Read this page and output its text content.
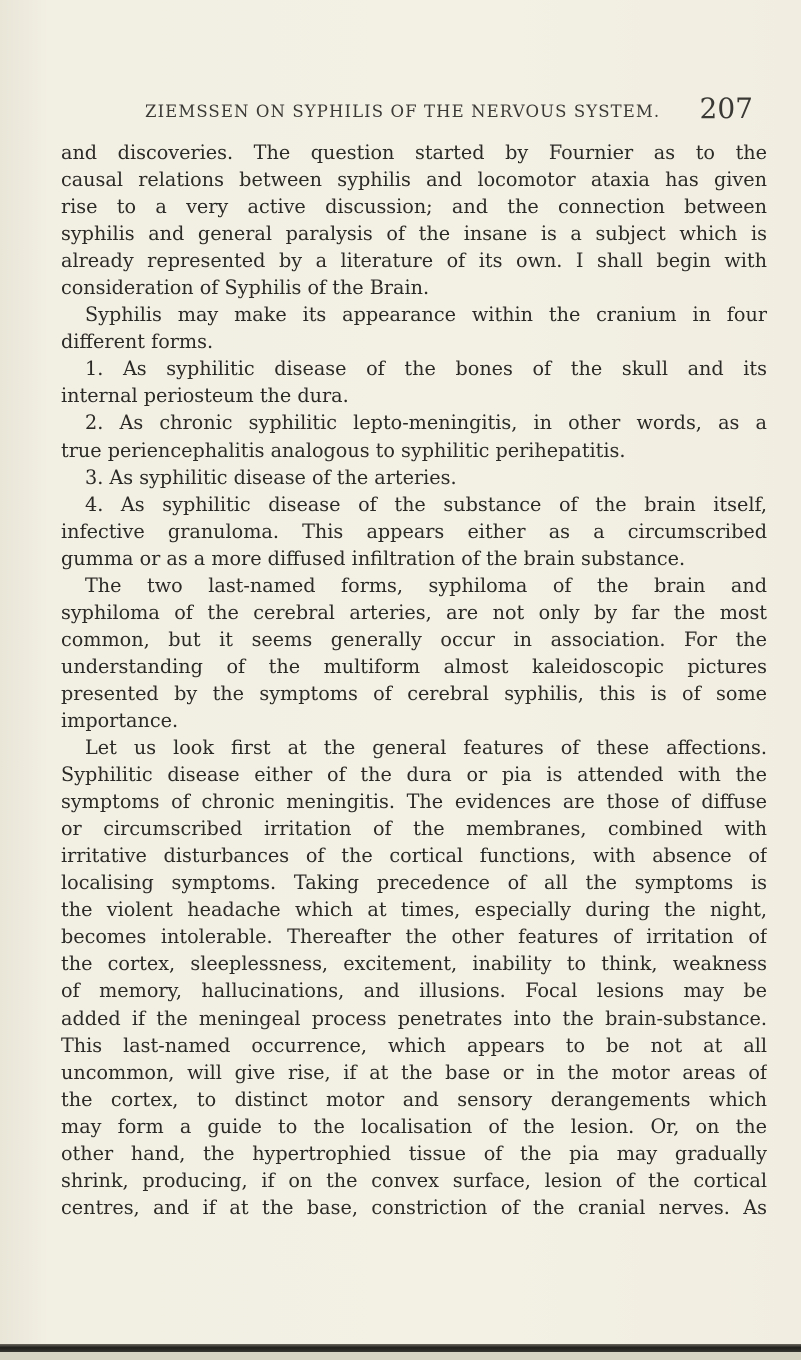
ZIEMSSEN ON SYPHILIS OF THE NERVOUS SYSTEM. 207
and discoveries. The question started by Fournier as to the
causal relations between syphilis and locomotor ataxia has given
rise to a very active discussion; and the connection between
syphilis and general paralysis of the insane is a subject which is
already represented by a literature of its own. I shall begin with
consideration of Syphilis of the Brain.
Syphilis may make its appearance within the cranium in four
different forms.
1. As syphilitic disease of the bones of the skull and its
internal periosteum the dura.
2. As chronic syphilitic lepto-meningitis, in other words, as a
true periencephalitis analogous to syphilitic perihepatitis.
3. As syphilitic disease of the arteries.
4. As syphilitic disease of the substance of the brain itself,
infective granuloma. This appears either as a circumscribed
gumma or as a more diffused infiltration of the brain substance.
The two last-named forms, syphiloma of the brain and
syphiloma of the cerebral arteries, are not only by far the most
common, but it seems generally occur in association. For the
understanding of the multiform almost kaleidoscopic pictures
presented by the symptoms of cerebral syphilis, this is of some
importance.
Let us look first at the general features of these affections.
Syphilitic disease either of the dura or pia is attended with the
symptoms of chronic meningitis. The evidences are those of diffuse
or circumscribed irritation of the membranes, combined with
irritative disturbances of the cortical functions, with absence of
localising symptoms. Taking precedence of all the symptoms is
the violent headache which at times, especially during the night,
becomes intolerable. Thereafter the other features of irritation of
the cortex, sleeplessness, excitement, inability to think, weakness
of memory, hallucinations, and illusions. Focal lesions may be
added if the meningeal process penetrates into the brain-substance.
This last-named occurrence, which appears to be not at all
uncommon, will give rise, if at the base or in the motor areas of
the cortex, to distinct motor and sensory derangements which
may form a guide to the localisation of the lesion. Or, on the
other hand, the hypertrophied tissue of the pia may gradually
shrink, producing, if on the convex surface, lesion of the cortical
centres, and if at the base, constriction of the cranial nerves. As
